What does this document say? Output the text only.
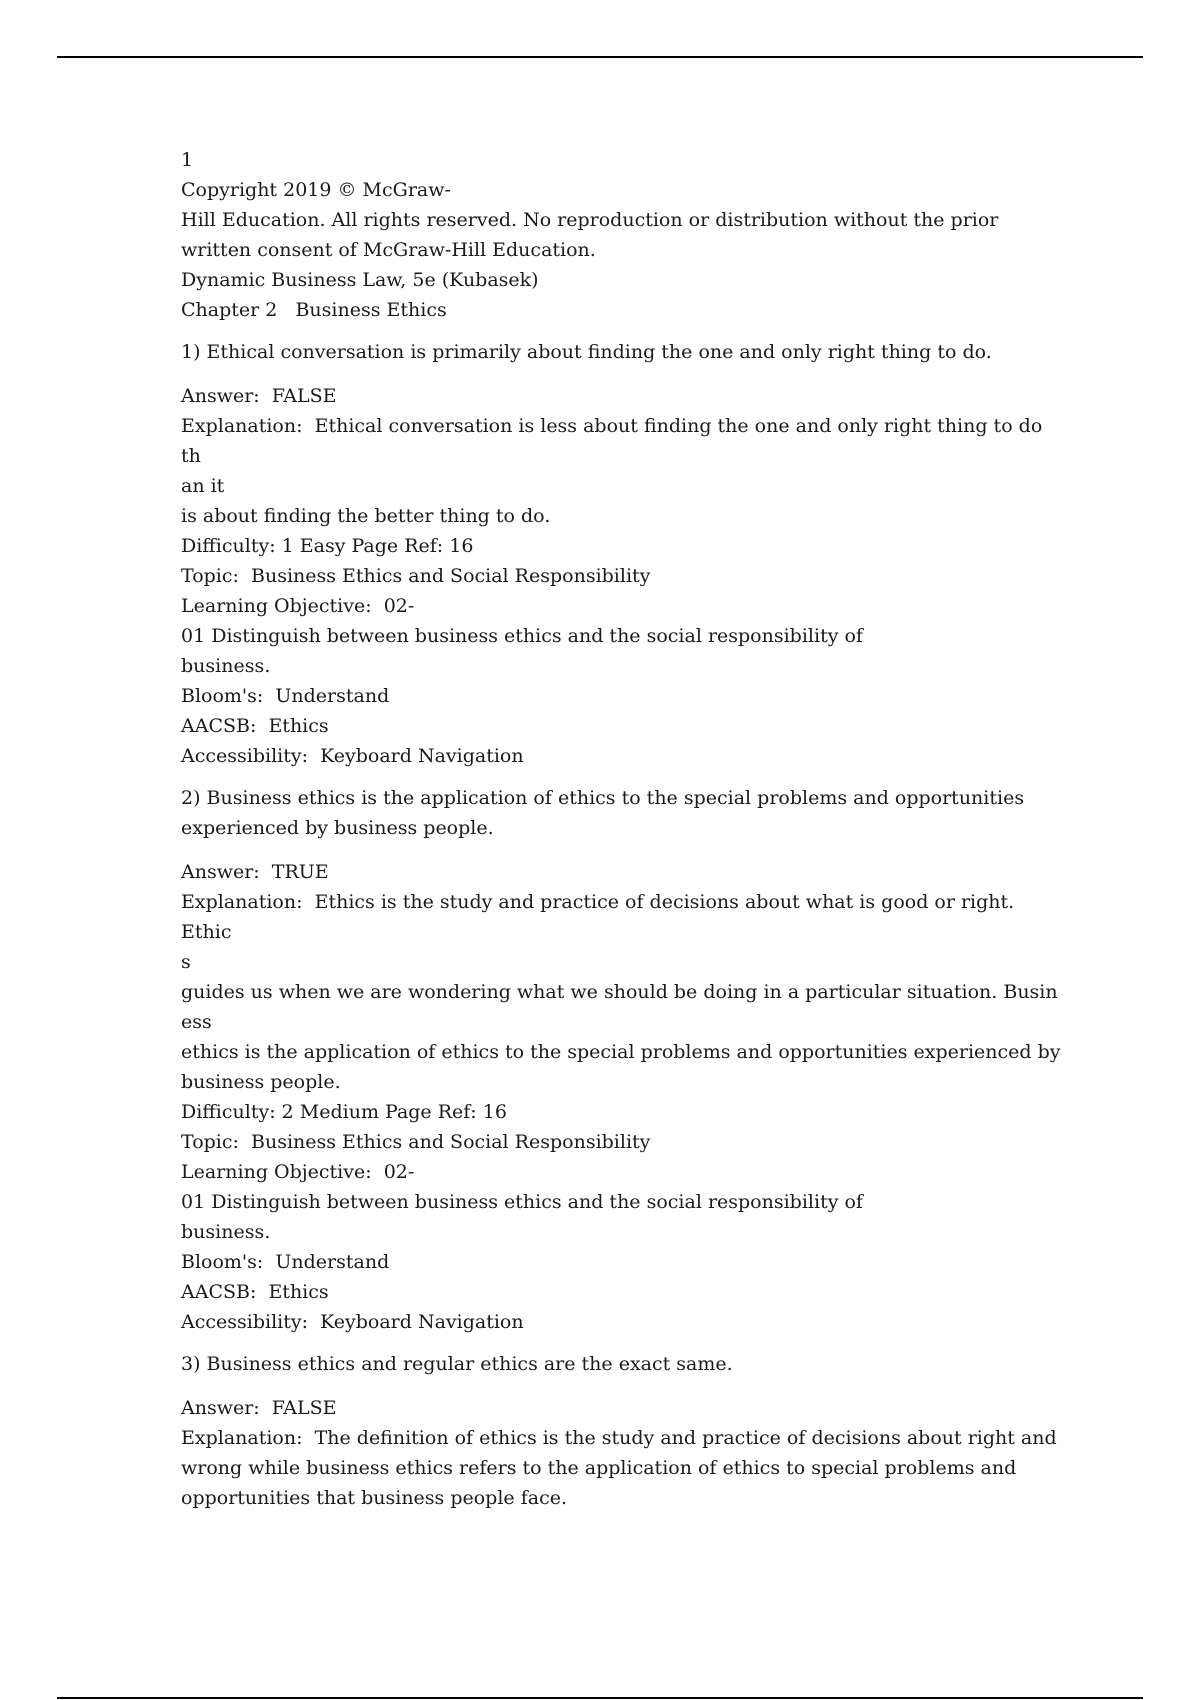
1
Copyright 2019 © McGraw-
Hill Education. All rights reserved. No reproduction or distribution without the prior
written consent of McGraw-Hill Education.
Dynamic Business Law, 5e (Kubasek)
Chapter 2   Business Ethics
1) Ethical conversation is primarily about finding the one and only right thing to do.
Answer:  FALSE
Explanation:  Ethical conversation is less about finding the one and only right thing to do th
an it
is about finding the better thing to do.
Difficulty: 1 Easy Page Ref: 16
Topic:  Business Ethics and Social Responsibility
Learning Objective:  02-
01 Distinguish between business ethics and the social responsibility of
business.
Bloom's:  Understand
AACSB:  Ethics
Accessibility:  Keyboard Navigation
2) Business ethics is the application of ethics to the special problems and opportunities
experienced by business people.
Answer:  TRUE
Explanation:  Ethics is the study and practice of decisions about what is good or right. Ethic
s
guides us when we are wondering what we should be doing in a particular situation. Busin
ess
ethics is the application of ethics to the special problems and opportunities experienced by
business people.
Difficulty: 2 Medium Page Ref: 16
Topic:  Business Ethics and Social Responsibility
Learning Objective:  02-
01 Distinguish between business ethics and the social responsibility of
business.
Bloom's:  Understand
AACSB:  Ethics
Accessibility:  Keyboard Navigation
3) Business ethics and regular ethics are the exact same.
Answer:  FALSE
Explanation:  The definition of ethics is the study and practice of decisions about right and
wrong while business ethics refers to the application of ethics to special problems and
opportunities that business people face.
